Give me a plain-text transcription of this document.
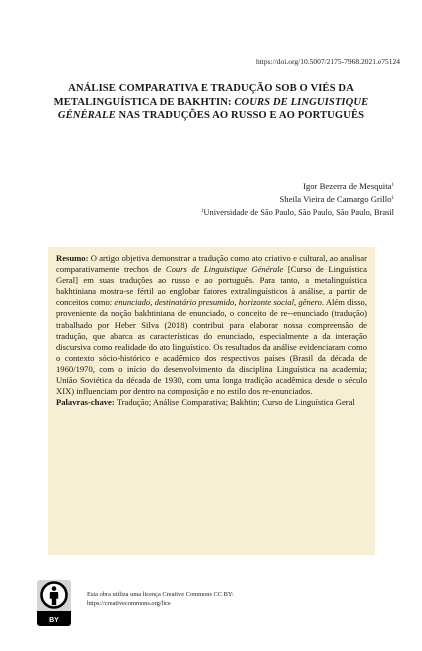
https://doi.org/10.5007/2175-7968.2021.e75124
ANÁLISE COMPARATIVA E TRADUÇÃO SOB O VIÉS DA METALINGUÍSTICA DE BAKHTIN: COURS DE LINGUISTIQUE GÉNÉRALE NAS TRADUÇÕES AO RUSSO E AO PORTUGUÊS
Igor Bezerra de Mesquita$^1$
Sheila Vieira de Camargo Grillo$^1$
$^1$Universidade de São Paulo, São Paulo, São Paulo, Brasil
Resumo: O artigo objetiva demonstrar a tradução como ato criativo e cultural, ao analisar comparativamente trechos de Cours de Linguistique Générale [Curso de Linguística Geral] em suas traduções ao russo e ao português. Para tanto, a metalinguística bakhtiniana mostra-se fértil ao englobar fatores extralinguísticos à análise, a partir de conceitos como: enunciado, destinatário presumido, horizonte social, gênero. Além disso, proveniente da noção bakhtiniana de enunciado, o conceito de re--enunciado (tradução) trabalhado por Heber Silva (2018) contribui para elaborar nossa compreensão de tradução, que abarca as características do enunciado, especialmente a da interação discursiva como realidade do ato linguístico. Os resultados da análise evidenciaram como o contexto sócio-histórico e acadêmico dos respectivos países (Brasil da década de 1960/1970, com o início do desenvolvimento da disciplina Linguística na academia; União Soviética da década de 1930, com uma longa tradição acadêmica desde o século XIX) influenciam por dentro na composição e no estilo dos re-enunciados.
Palavras-chave: Tradução; Análise Comparativa; Bakhtin; Curso de Linguística Geral
BY
Esta obra utiliza uma licença Creative Commons CC BY:
https://creativecommons.org/lice
